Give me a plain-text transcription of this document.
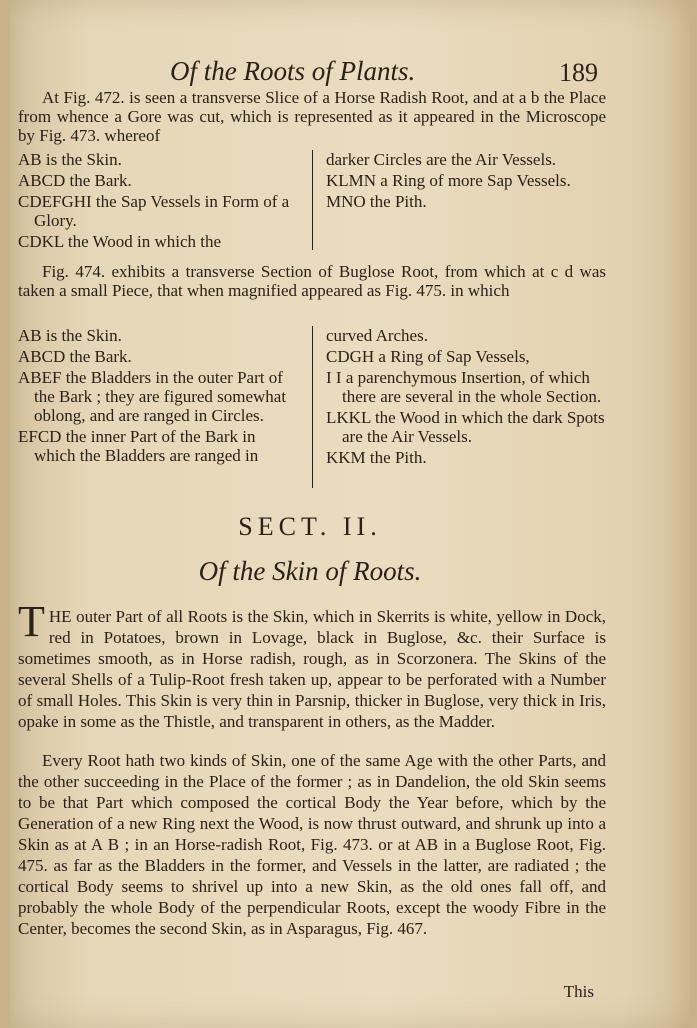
Of the Roots of Plants.	189
At Fig. 472. is seen a transverse Slice of a Horse Radish Root, and at a b the Place from whence a Gore was cut, which is represented as it appeared in the Microscope by Fig. 473. whereof
AB is the Skin.
ABCD the Bark.
CDEFGHI the Sap Vessels in Form of a Glory.
CDKL the Wood in which the
darker Circles are the Air Vessels.
KLMN a Ring of more Sap Vessels.
MNO the Pith.
Fig. 474. exhibits a transverse Section of Buglose Root, from which at c d was taken a small Piece, that when magnified appeared as Fig. 475. in which
AB is the Skin.
ABCD the Bark.
ABEF the Bladders in the outer Part of the Bark ; they are figured somewhat oblong, and are ranged in Circles.
EFCD the inner Part of the Bark in which the Bladders are ranged in
curved Arches.
CDGH a Ring of Sap Vessels,
I I a parenchymous Insertion, of which there are several in the whole Section.
LKKL the Wood in which the dark Spots are the Air Vessels.
KKM the Pith.
SECT. II.
Of the Skin of Roots.
THE outer Part of all Roots is the Skin, which in Skerrits is white, yellow in Dock, red in Potatoes, brown in Lovage, black in Buglose, &c. their Surface is sometimes smooth, as in Horse radish, rough, as in Scorzonera. The Skins of the several Shells of a Tulip-Root fresh taken up, appear to be perforated with a Number of small Holes. This Skin is very thin in Parsnip, thicker in Buglose, very thick in Iris, opake in some as the Thistle, and transparent in others, as the Madder.
Every Root hath two kinds of Skin, one of the same Age with the other Parts, and the other succeeding in the Place of the former ; as in Dandelion, the old Skin seems to be that Part which composed the cortical Body the Year before, which by the Generation of a new Ring next the Wood, is now thrust outward, and shrunk up into a Skin as at A B ; in an Horse-radish Root, Fig. 473. or at AB in a Buglose Root, Fig. 475. as far as the Bladders in the former, and Vessels in the latter, are radiated ; the cortical Body seems to shrivel up into a new Skin, as the old ones fall off, and probably the whole Body of the perpendicular Roots, except the woody Fibre in the Center, becomes the second Skin, as in Asparagus, Fig. 467.
This
